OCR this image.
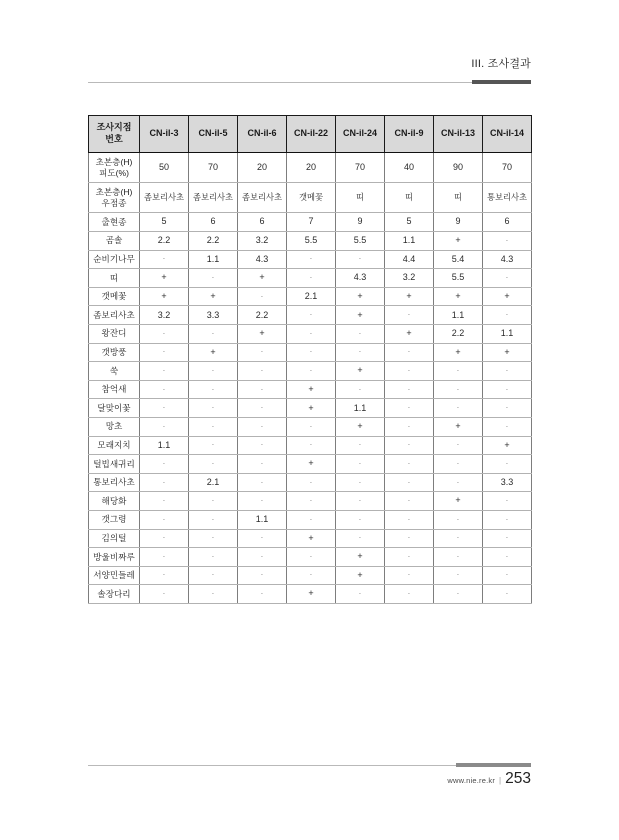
III. 조사결과
조사지점
번호	CN-il-3	CN-il-5	CN-il-6	CN-il-22	CN-il-24	CN-il-9	CN-il-13	CN-il-14
초본층(H)
피도(%)	50	70	20	20	70	40	90	70
초본층(H)
우점종	좀보리사초	좀보리사초	좀보리사초	갯메꽃	띠	띠	띠	통보리사초
출현종	5	6	6	7	9	5	9	6
곰솔	2.2	2.2	3.2	5.5	5.5	1.1	+	·
순비기나무	·	1.1	4.3	·	·	4.4	5.4	4.3
띠	+	·	+	·	4.3	3.2	5.5	·
갯메꽃	+	+	·	2.1	+	+	+	+
좀보리사초	3.2	3.3	2.2	·	+	·	1.1	·
왕잔디	·	·	+	·	·	+	2.2	1.1
갯방풍	·	+	·	·	·	·	+	+
쑥	·	·	·	·	+	·	·	·
참억새	·	·	·	+	·	·	·	·
달맞이꽃	·	·	·	+	1.1	·	·	·
망초	·	·	·	·	+	·	+	·
모래지치	1.1	·	·	·	·	·	·	+
털빕새귀리	·	·	·	+	·	·	·	·
통보리사초	·	2.1	·	·	·	·	·	3.3
해당화	·	·	·	·	·	·	+	·
갯그령	·	·	1.1	·	·	·	·	·
김의털	·	·	·	+	·	·	·	·
방울비짜루	·	·	·	·	+	·	·	·
서양민들레	·	·	·	·	+	·	·	·
솔장다리	·	·	·	+	·	·	·	·
www.nie.re.kr | 253
